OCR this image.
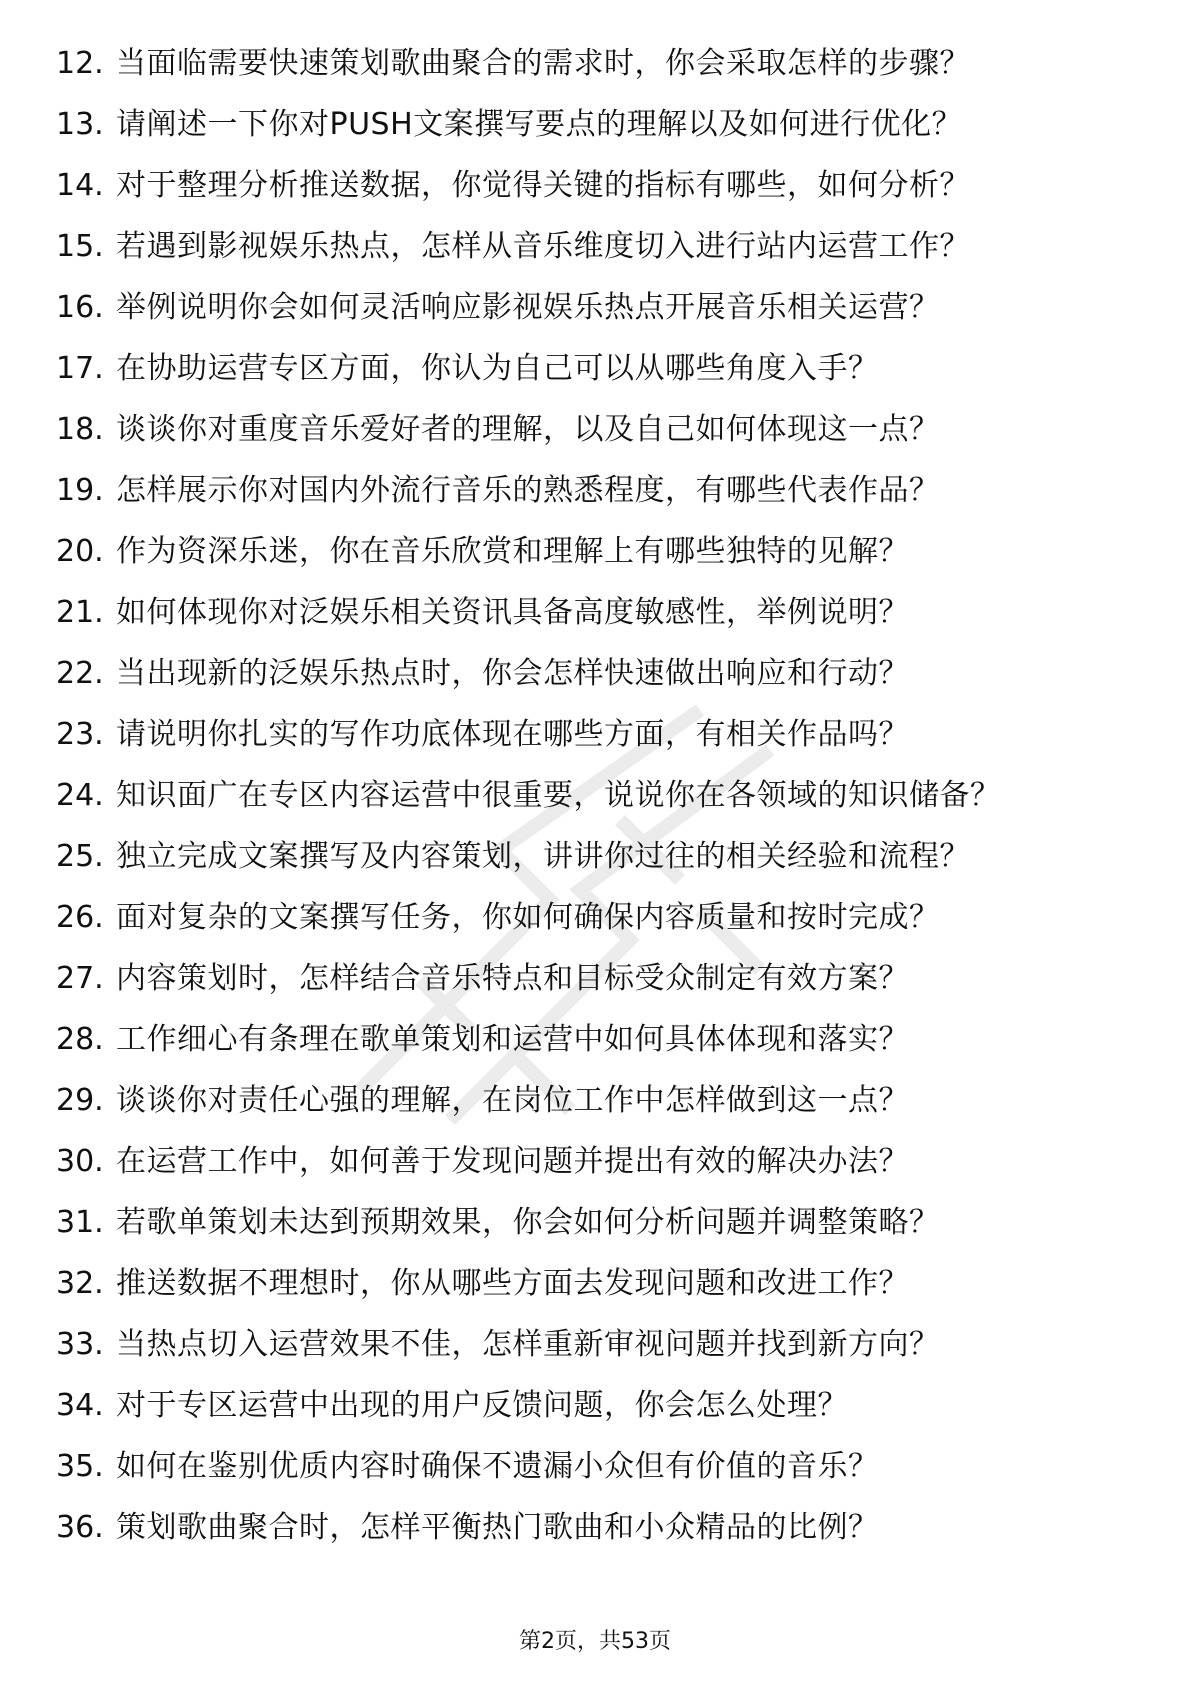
12. 当面临需要快速策划歌曲聚合的需求时，你会采取怎样的步骤？
13. 请阐述一下你对PUSH文案撰写要点的理解以及如何进行优化？
14. 对于整理分析推送数据，你觉得关键的指标有哪些，如何分析？
15. 若遇到影视娱乐热点，怎样从音乐维度切入进行站内运营工作？
16. 举例说明你会如何灵活响应影视娱乐热点开展音乐相关运营？
17. 在协助运营专区方面，你认为自己可以从哪些角度入手？
18. 谈谈你对重度音乐爱好者的理解，以及自己如何体现这一点？
19. 怎样展示你对国内外流行音乐的熟悉程度，有哪些代表作品？
20. 作为资深乐迷，你在音乐欣赏和理解上有哪些独特的见解？
21. 如何体现你对泛娱乐相关资讯具备高度敏感性，举例说明？
22. 当出现新的泛娱乐热点时，你会怎样快速做出响应和行动？
23. 请说明你扎实的写作功底体现在哪些方面，有相关作品吗？
24. 知识面广在专区内容运营中很重要，说说你在各领域的知识储备？
25. 独立完成文案撰写及内容策划，讲讲你过往的相关经验和流程？
26. 面对复杂的文案撰写任务，你如何确保内容质量和按时完成？
27. 内容策划时，怎样结合音乐特点和目标受众制定有效方案？
28. 工作细心有条理在歌单策划和运营中如何具体体现和落实？
29. 谈谈你对责任心强的理解，在岗位工作中怎样做到这一点？
30. 在运营工作中，如何善于发现问题并提出有效的解决办法？
31. 若歌单策划未达到预期效果，你会如何分析问题并调整策略？
32. 推送数据不理想时，你从哪些方面去发现问题和改进工作？
33. 当热点切入运营效果不佳，怎样重新审视问题并找到新方向？
34. 对于专区运营中出现的用户反馈问题，你会怎么处理？
35. 如何在鉴别优质内容时确保不遗漏小众但有价值的音乐？
36. 策划歌曲聚合时，怎样平衡热门歌曲和小众精品的比例？
第2页，共53页
